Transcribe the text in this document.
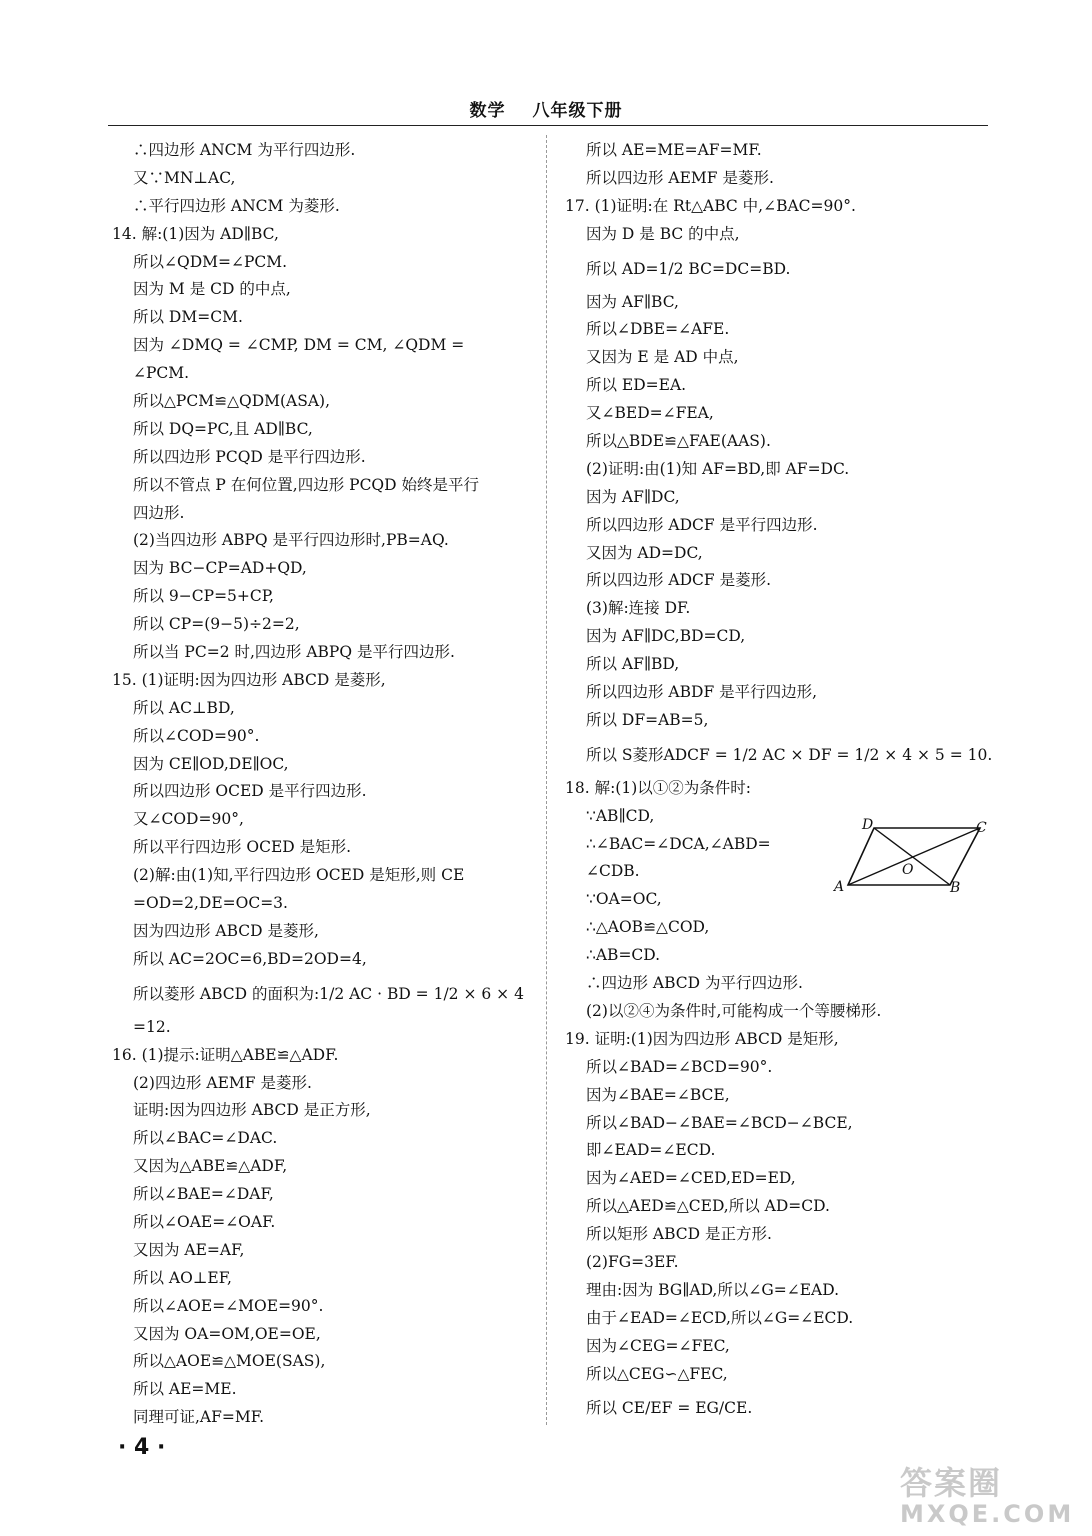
数学 八年级下册
∴四边形 ANCM 为平行四边形.
又∵MN⊥AC,
∴平行四边形 ANCM 为菱形.
14. 解:(1)因为 AD∥BC,
所以∠QDM=∠PCM.
因为 M 是 CD 的中点,
所以 DM=CM.
因为 ∠DMQ = ∠CMP, DM = CM, ∠QDM =
∠PCM.
所以△PCM≌△QDM(ASA),
所以 DQ=PC,且 AD∥BC,
所以四边形 PCQD 是平行四边形.
所以不管点 P 在何位置,四边形 PCQD 始终是平行
四边形.
(2)当四边形 ABPQ 是平行四边形时,PB=AQ.
因为 BC−CP=AD+QD,
所以 9−CP=5+CP,
所以 CP=(9−5)÷2=2,
所以当 PC=2 时,四边形 ABPQ 是平行四边形.
15. (1)证明:因为四边形 ABCD 是菱形,
所以 AC⊥BD,
所以∠COD=90°.
因为 CE∥OD,DE∥OC,
所以四边形 OCED 是平行四边形.
又∠COD=90°,
所以平行四边形 OCED 是矩形.
(2)解:由(1)知,平行四边形 OCED 是矩形,则 CE
=OD=2,DE=OC=3.
因为四边形 ABCD 是菱形,
所以 AC=2OC=6,BD=2OD=4,
所以菱形 ABCD 的面积为:1/2 AC · BD = 1/2 × 6 × 4
=12.
16. (1)提示:证明△ABE≌△ADF.
(2)四边形 AEMF 是菱形.
证明:因为四边形 ABCD 是正方形,
所以∠BAC=∠DAC.
又因为△ABE≌△ADF,
所以∠BAE=∠DAF,
所以∠OAE=∠OAF.
又因为 AE=AF,
所以 AO⊥EF,
所以∠AOE=∠MOE=90°.
又因为 OA=OM,OE=OE,
所以△AOE≌△MOE(SAS),
所以 AE=ME.
同理可证,AF=MF.
所以 AE=ME=AF=MF.
所以四边形 AEMF 是菱形.
17. (1)证明:在 Rt△ABC 中,∠BAC=90°.
因为 D 是 BC 的中点,
所以 AD=1/2 BC=DC=BD.
因为 AF∥BC,
所以∠DBE=∠AFE.
又因为 E 是 AD 中点,
所以 ED=EA.
又∠BED=∠FEA,
所以△BDE≌△FAE(AAS).
(2)证明:由(1)知 AF=BD,即 AF=DC.
因为 AF∥DC,
所以四边形 ADCF 是平行四边形.
又因为 AD=DC,
所以四边形 ADCF 是菱形.
(3)解:连接 DF.
因为 AF∥DC,BD=CD,
所以 AF∥BD,
所以四边形 ABDF 是平行四边形,
所以 DF=AB=5,
所以 S菱形ADCF = 1/2 AC × DF = 1/2 × 4 × 5 = 10.
18. 解:(1)以①②为条件时:
∵AB∥CD,
∴∠BAC=∠DCA,∠ABD=
∠CDB.
∵OA=OC,
∴△AOB≌△COD,
∴AB=CD.
∴四边形 ABCD 为平行四边形.
(2)以②④为条件时,可能构成一个等腰梯形.
19. 证明:(1)因为四边形 ABCD 是矩形,
所以∠BAD=∠BCD=90°.
因为∠BAE=∠BCE,
所以∠BAD−∠BAE=∠BCD−∠BCE,
即∠EAD=∠ECD.
因为∠AED=∠CED,ED=ED,
所以△AED≌△CED,所以 AD=CD.
所以矩形 ABCD 是正方形.
(2)FG=3EF.
理由:因为 BG∥AD,所以∠G=∠EAD.
由于∠EAD=∠ECD,所以∠G=∠ECD.
因为∠CEG=∠FEC,
所以△CEG∽△FEC,
所以 CE/EF = EG/CE.
A	B
C
D
O
· 4 ·
答案圈
MXQE.COM
